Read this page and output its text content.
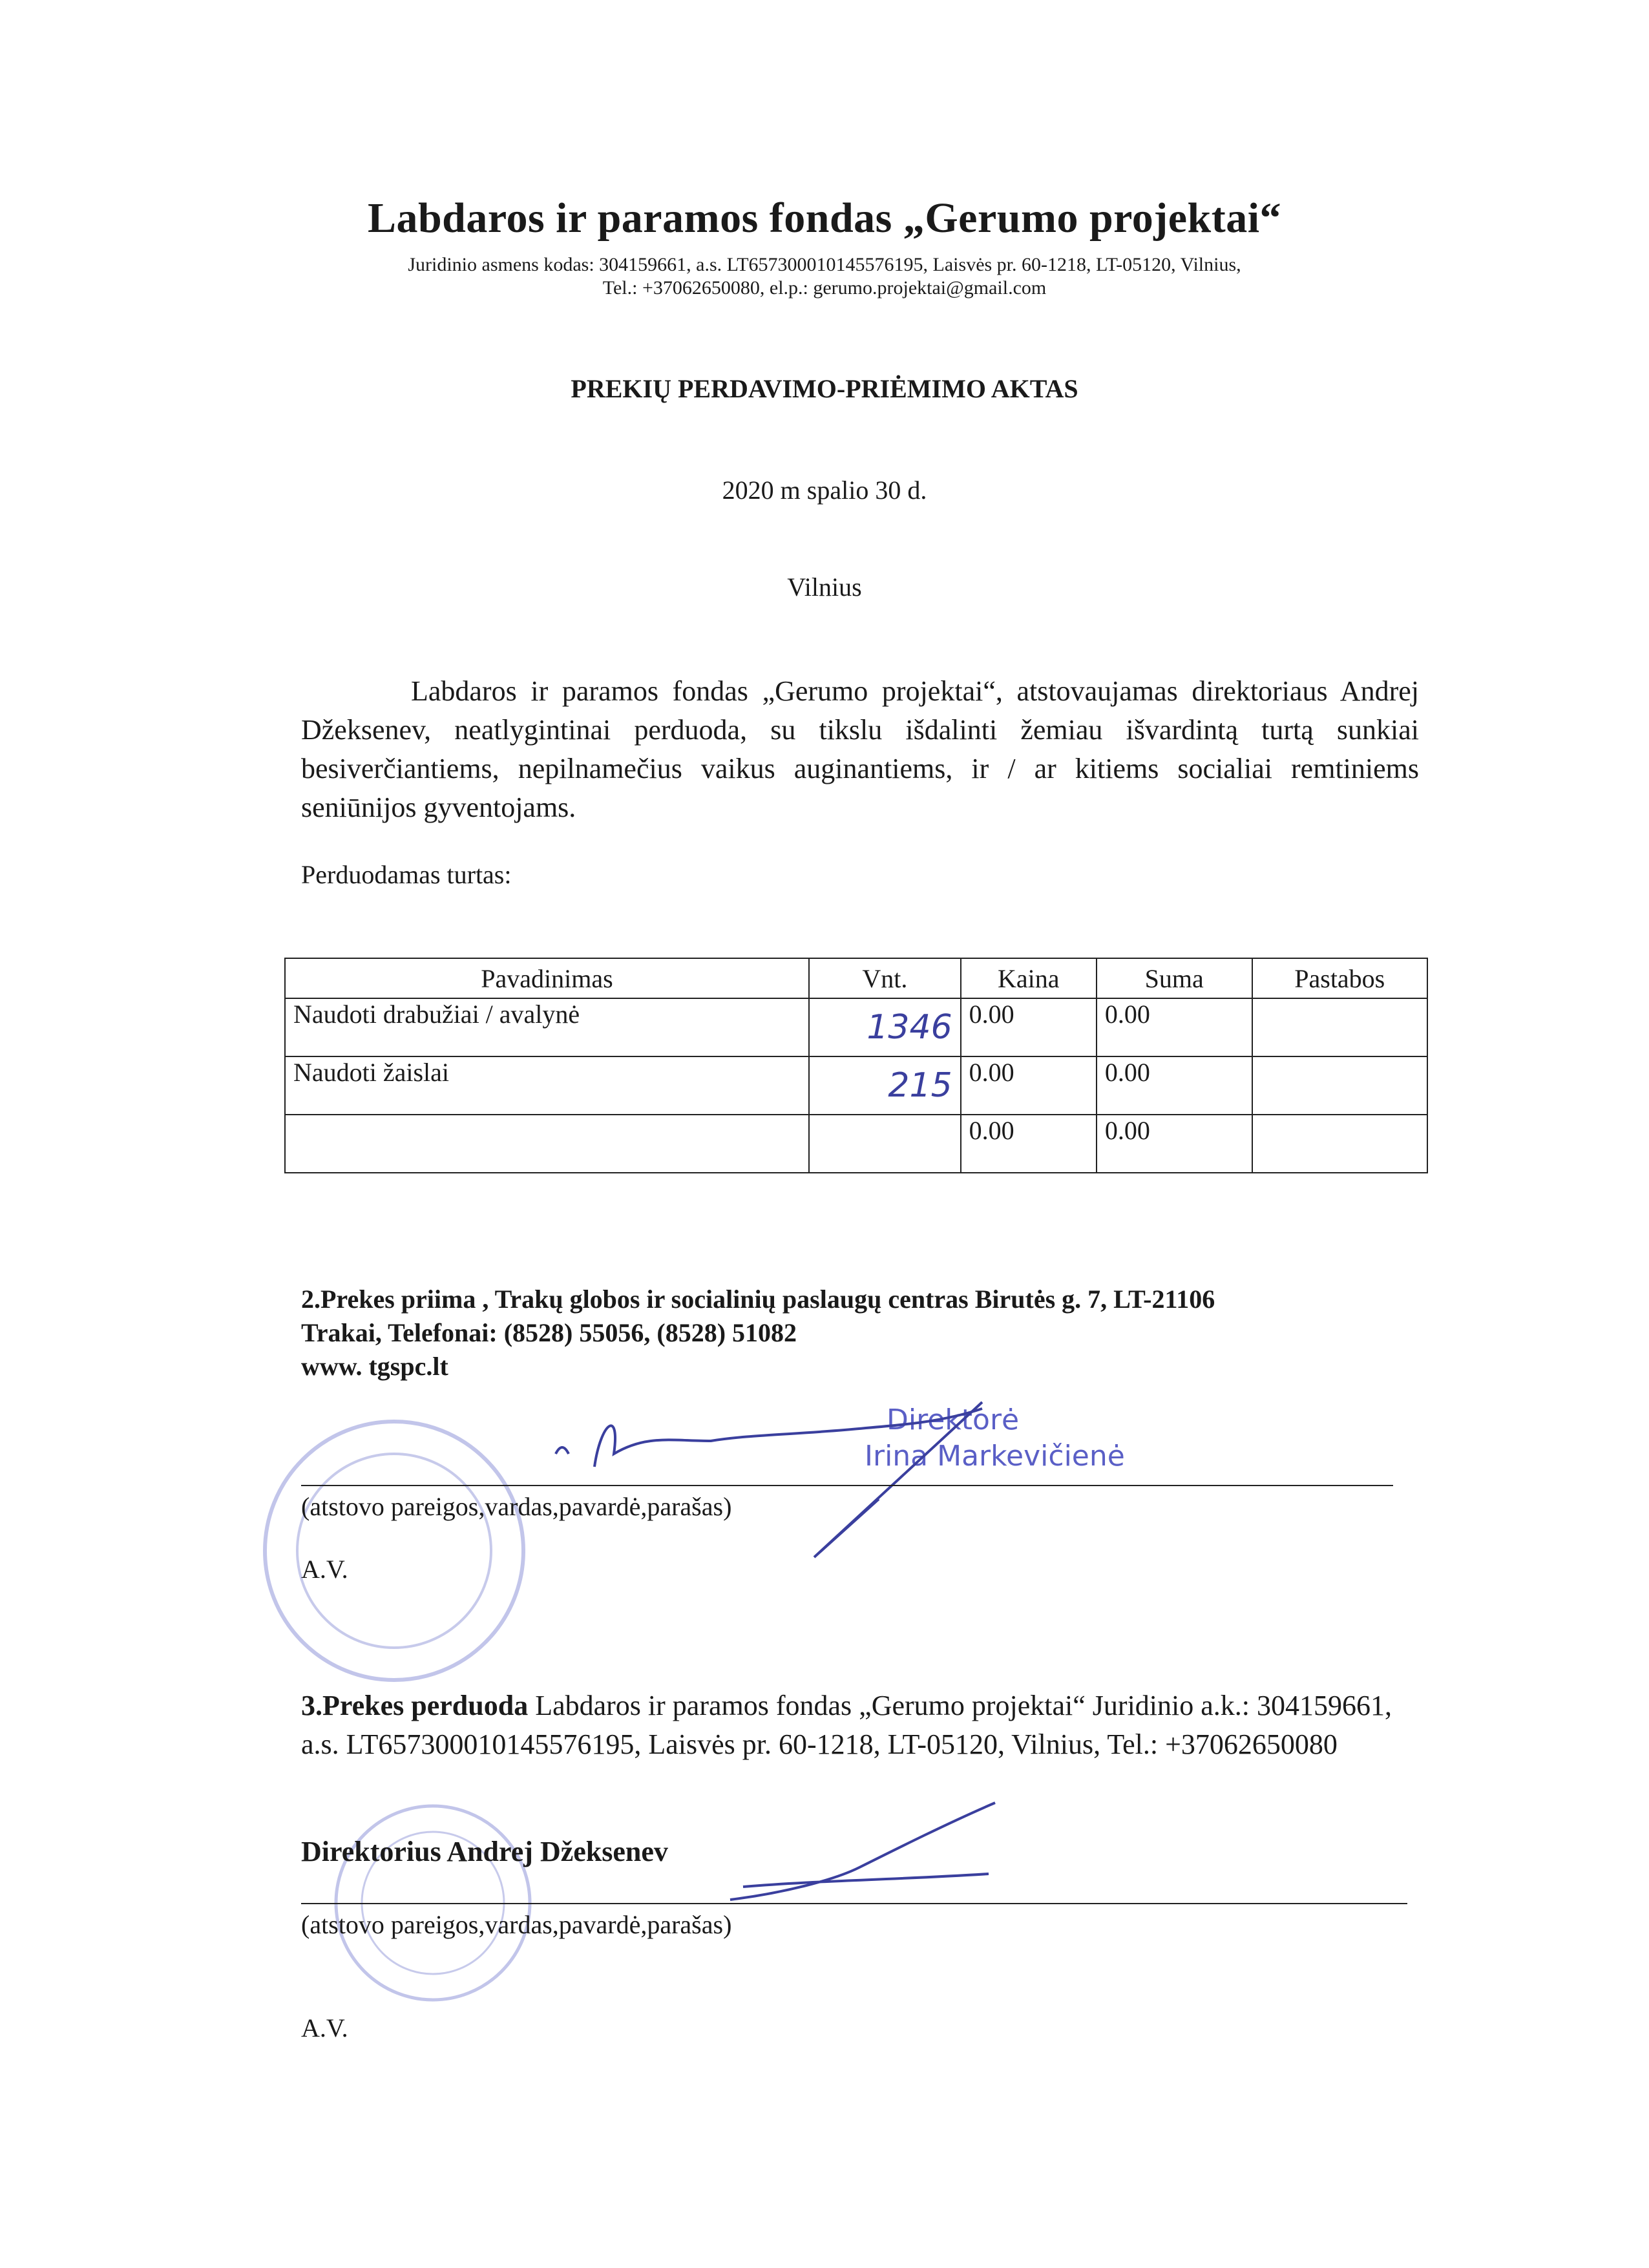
Labdaros ir paramos fondas „Gerumo projektai“
Juridinio asmens kodas: 304159661, a.s. LT657300010145576195, Laisvės pr. 60-1218, LT-05120, Vilnius,
Tel.: +37062650080, el.p.: gerumo.projektai@gmail.com
PREKIŲ PERDAVIMO-PRIĖMIMO AKTAS
2020 m spalio 30 d.
Vilnius
Labdaros ir paramos fondas „Gerumo projektai“, atstovaujamas direktoriaus Andrej Džeksenev, neatlygintinai perduoda, su tikslu išdalinti žemiau išvardintą turtą sunkiai besiverčiantiems, nepilnamečius vaikus auginantiems, ir / ar kitiems socialiai remtiniems seniūnijos gyventojams.
Perduodamas turtas:
Pavadinimas	Vnt.	Kaina	Suma	Pastabos
Naudoti drabužiai / avalynė	1346	0.00	0.00	
Naudoti žaislai	215	0.00	0.00	
		0.00	0.00	
2.Prekes priima , Trakų globos ir socialinių paslaugų centras Birutės g. 7, LT-21106
Trakai, Telefonai: (8528) 55056, (8528) 51082
www. tgspc.lt
Direktorė
Irina Markevičienė
(atstovo pareigos,vardas,pavardė,parašas)
A.V.
3.Prekes perduoda Labdaros ir paramos fondas „Gerumo projektai“ Juridinio a.k.: 304159661, a.s. LT657300010145576195, Laisvės pr. 60-1218, LT-05120, Vilnius, Tel.: +37062650080
Direktorius Andrej Džeksenev
(atstovo pareigos,vardas,pavardė,parašas)
A.V.
